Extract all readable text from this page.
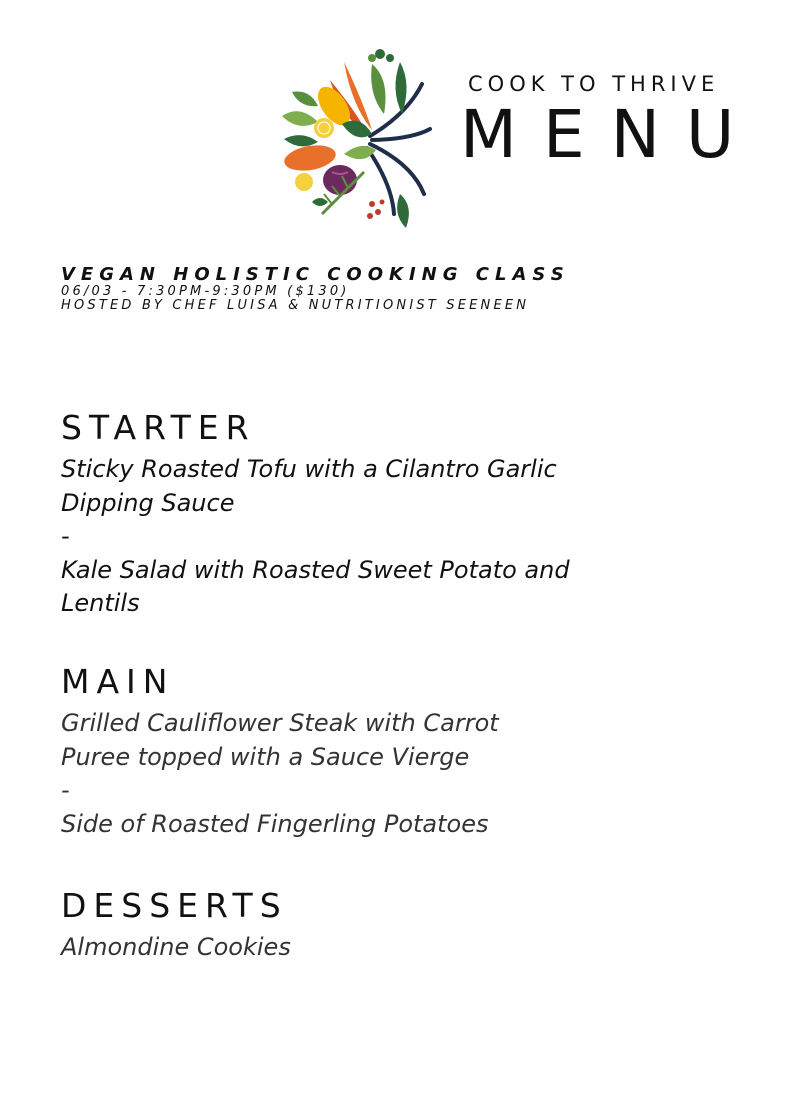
COOK TO THRIVE
MENU
VEGAN HOLISTIC COOKING CLASS
06/03 - 7:30PM-9:30PM ($130)
HOSTED BY CHEF LUISA & NUTRITIONIST SEENEEN
STARTER
Sticky Roasted Tofu with a Cilantro Garlic Dipping Sauce
-
Kale Salad with Roasted Sweet Potato and Lentils
MAIN
Grilled Cauliflower Steak with Carrot Puree topped with a Sauce Vierge
-
Side of Roasted Fingerling Potatoes
DESSERTS
Almondine Cookies
